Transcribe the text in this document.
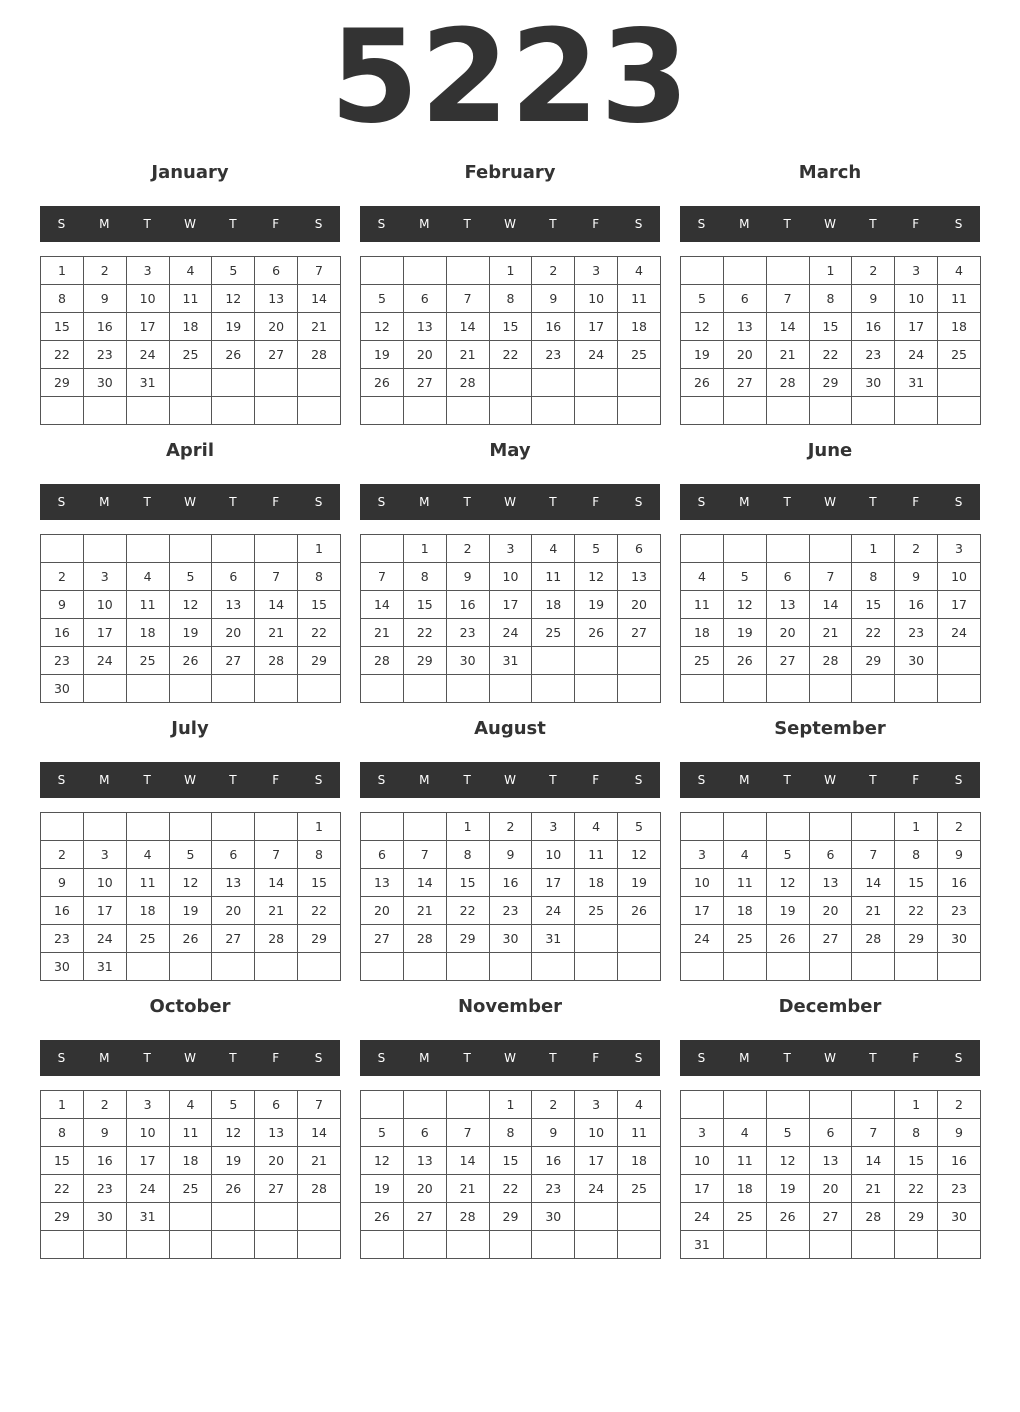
5223
January
S	M	T	W	T	F	S
1	2	3	4	5	6	7
8	9	10	11	12	13	14
15	16	17	18	19	20	21
22	23	24	25	26	27	28
29	30	31				

February
S	M	T	W	T	F	S
			1	2	3	4
5	6	7	8	9	10	11
12	13	14	15	16	17	18
19	20	21	22	23	24	25
26	27	28				

March
S	M	T	W	T	F	S
			1	2	3	4
5	6	7	8	9	10	11
12	13	14	15	16	17	18
19	20	21	22	23	24	25
26	27	28	29	30	31	

April
S	M	T	W	T	F	S
						1
2	3	4	5	6	7	8
9	10	11	12	13	14	15
16	17	18	19	20	21	22
23	24	25	26	27	28	29
30						
May
S	M	T	W	T	F	S
	1	2	3	4	5	6
7	8	9	10	11	12	13
14	15	16	17	18	19	20
21	22	23	24	25	26	27
28	29	30	31			

June
S	M	T	W	T	F	S
				1	2	3
4	5	6	7	8	9	10
11	12	13	14	15	16	17
18	19	20	21	22	23	24
25	26	27	28	29	30	

July
S	M	T	W	T	F	S
						1
2	3	4	5	6	7	8
9	10	11	12	13	14	15
16	17	18	19	20	21	22
23	24	25	26	27	28	29
30	31					
August
S	M	T	W	T	F	S
		1	2	3	4	5
6	7	8	9	10	11	12
13	14	15	16	17	18	19
20	21	22	23	24	25	26
27	28	29	30	31		

September
S	M	T	W	T	F	S
					1	2
3	4	5	6	7	8	9
10	11	12	13	14	15	16
17	18	19	20	21	22	23
24	25	26	27	28	29	30

October
S	M	T	W	T	F	S
1	2	3	4	5	6	7
8	9	10	11	12	13	14
15	16	17	18	19	20	21
22	23	24	25	26	27	28
29	30	31				

November
S	M	T	W	T	F	S
			1	2	3	4
5	6	7	8	9	10	11
12	13	14	15	16	17	18
19	20	21	22	23	24	25
26	27	28	29	30		

December
S	M	T	W	T	F	S
					1	2
3	4	5	6	7	8	9
10	11	12	13	14	15	16
17	18	19	20	21	22	23
24	25	26	27	28	29	30
31						
